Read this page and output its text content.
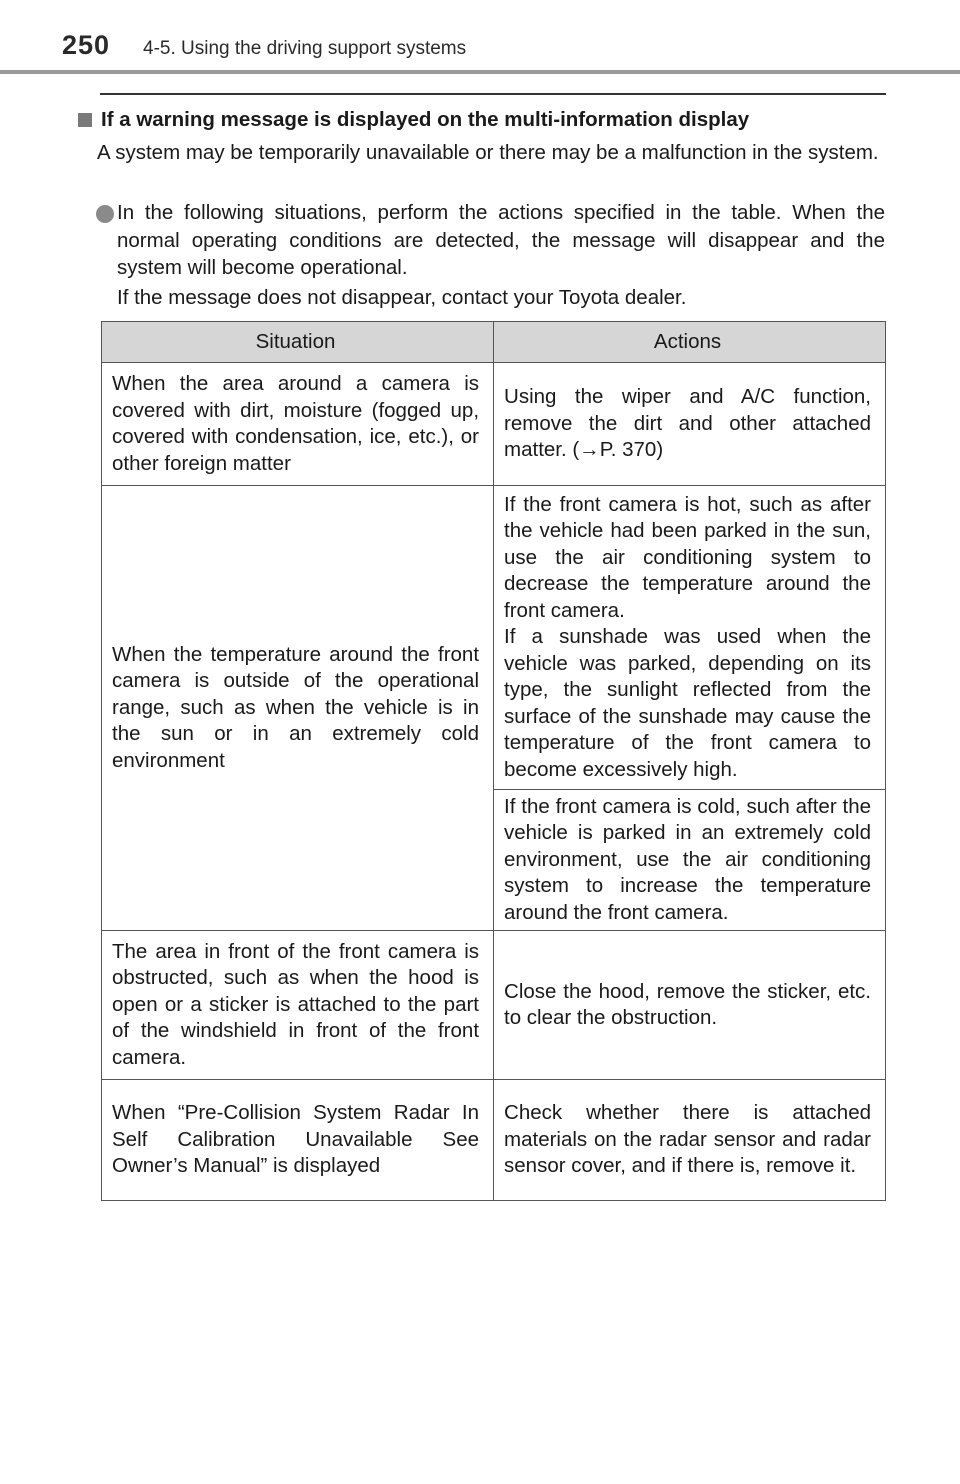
250 4-5. Using the driving support systems
If a warning message is displayed on the multi-information display
A system may be temporarily unavailable or there may be a malfunction in the system.
In the following situations, perform the actions specified in the table. When the normal operating conditions are detected, the message will disappear and the system will become operational.
If the message does not disappear, contact your Toyota dealer.
Situation	Actions
When the area around a camera is covered with dirt, moisture (fogged up, covered with condensation, ice, etc.), or other foreign matter	Using the wiper and A/C function, remove the dirt and other attached matter. (→P. 370)
When the temperature around the front camera is outside of the operational range, such as when the vehicle is in the sun or in an extremely cold environment	If the front camera is hot, such as after the vehicle had been parked in the sun, use the air conditioning system to decrease the temperature around the front camera.
If a sunshade was used when the vehicle was parked, depending on its type, the sunlight reflected from the surface of the sunshade may cause the temperature of the front camera to become excessively high.

	If the front camera is cold, such after the vehicle is parked in an extremely cold environment, use the air conditioning system to increase the temperature around the front camera.
The area in front of the front camera is obstructed, such as when the hood is open or a sticker is attached to the part of the windshield in front of the front camera.	Close the hood, remove the sticker, etc. to clear the obstruction.
When “Pre-Collision System Radar In Self Calibration Unavailable See Owner’s Manual” is displayed	Check whether there is attached materials on the radar sensor and radar sensor cover, and if there is, remove it.
